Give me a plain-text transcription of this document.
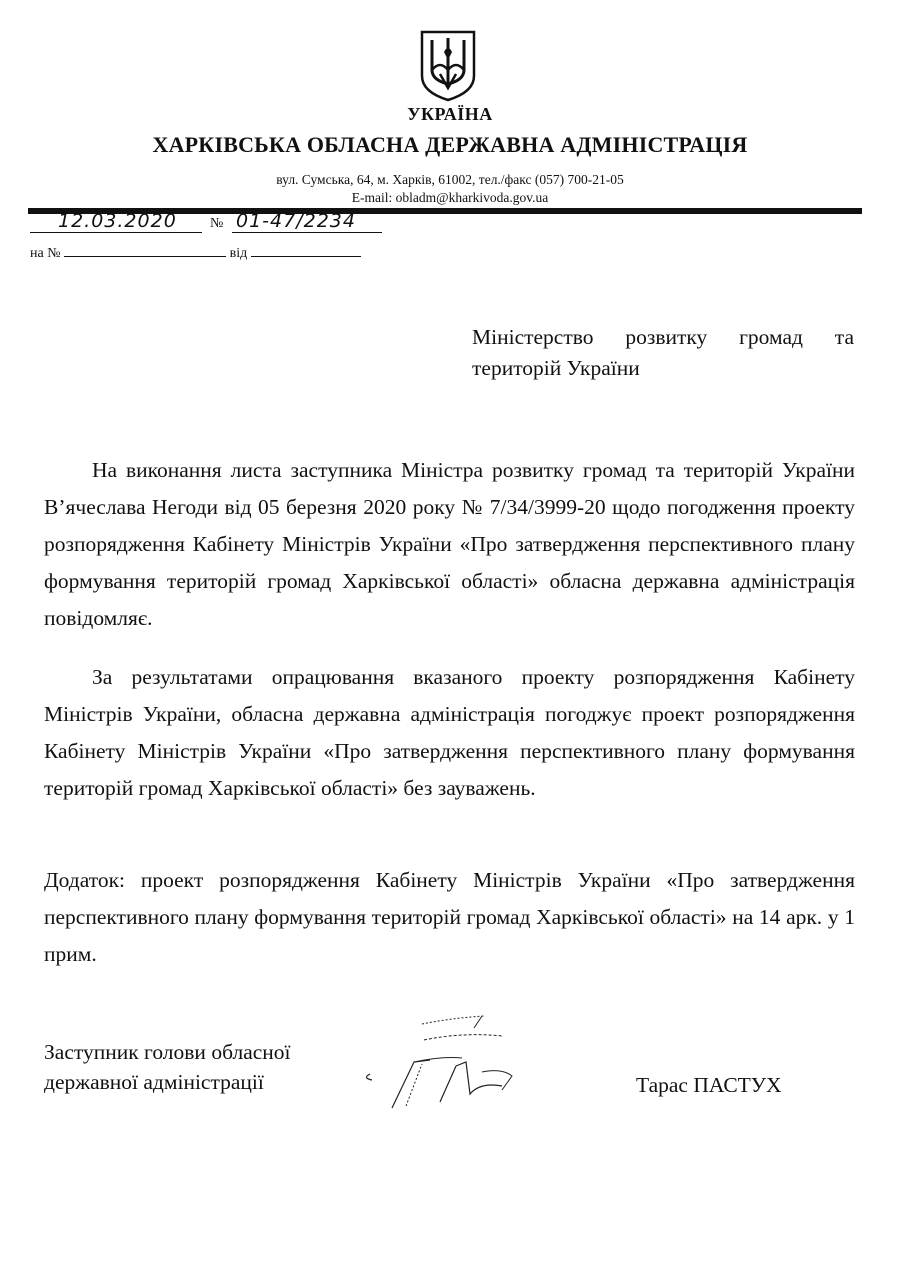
УКРАЇНА
ХАРКІВСЬКА ОБЛАСНА ДЕРЖАВНА АДМІНІСТРАЦІЯ
вул. Сумська, 64, м. Харків, 61002, тел./факс (057) 700-21-05
E-mail: obladm@kharkivoda.gov.ua
12.03.2020 № 01-47/2234
на №	від
Міністерство розвитку громад та територій України
На виконання листа заступника Міністра розвитку громад та територій України В’ячеслава Негоди від 05 березня 2020 року № 7/34/3999-20 щодо погодження проекту розпорядження Кабінету Міністрів України «Про затвердження перспективного плану формування територій громад Харківської області» обласна державна адміністрація повідомляє.
За результатами опрацювання вказаного проекту розпорядження Кабінету Міністрів України, обласна державна адміністрація погоджує проект розпорядження Кабінету Міністрів України «Про затвердження перспективного плану формування територій громад Харківської області» без зауважень.
Додаток: проект розпорядження Кабінету Міністрів України «Про затвердження перспективного плану формування територій громад Харківської області» на 14 арк. у 1 прим.
Заступник голови обласної
державної адміністрації	Тарас ПАСТУХ
